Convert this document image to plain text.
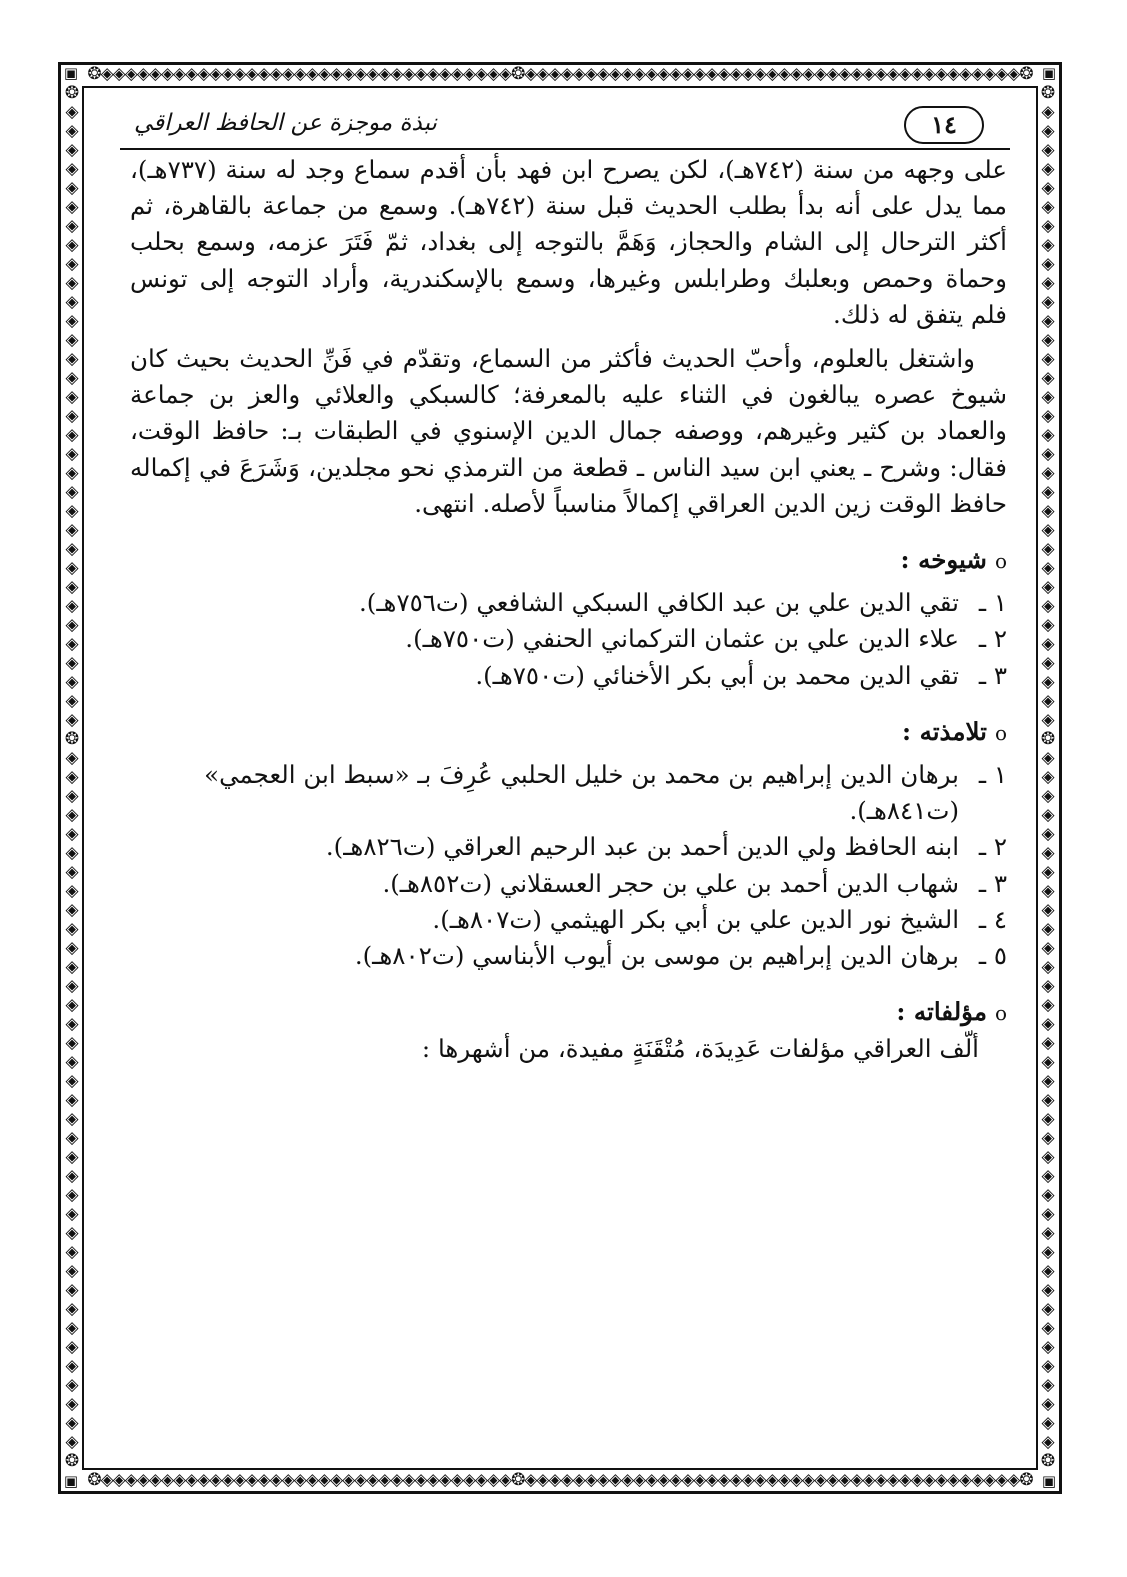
❂◈◈◈◈◈◈◈◈◈◈◈◈◈◈◈◈◈◈◈◈◈◈◈◈◈◈◈◈◈◈◈◈◈◈❂◈◈◈◈◈◈◈◈◈◈◈◈◈◈◈◈◈◈◈◈◈◈◈◈◈◈◈◈◈◈◈◈◈◈◈◈◈◈◈◈◈❂
❂◈◈◈◈◈◈◈◈◈◈◈◈◈◈◈◈◈◈◈◈◈◈◈◈◈◈◈◈◈◈◈◈◈◈❂◈◈◈◈◈◈◈◈◈◈◈◈◈◈◈◈◈◈◈◈◈◈◈◈◈◈◈◈◈◈◈◈◈◈◈◈◈◈◈◈◈❂
❂ ◈ ◈ ◈ ◈ ◈ ◈ ◈ ◈ ◈ ◈ ◈ ◈ ◈ ◈ ◈ ◈ ◈ ◈ ◈ ◈ ◈ ◈ ◈ ◈ ◈ ◈ ◈ ◈ ◈ ◈ ◈ ◈ ◈ ❂ ◈ ◈ ◈ ◈ ◈ ◈ ◈ ◈ ◈ ◈ ◈ ◈ ◈ ◈ ◈ ◈ ◈ ◈ ◈ ◈ ◈ ◈ ◈ ◈ ◈ ◈ ◈ ◈ ◈ ◈ ◈ ◈ ◈ ◈ ◈ ◈ ◈ ❂
❂ ◈ ◈ ◈ ◈ ◈ ◈ ◈ ◈ ◈ ◈ ◈ ◈ ◈ ◈ ◈ ◈ ◈ ◈ ◈ ◈ ◈ ◈ ◈ ◈ ◈ ◈ ◈ ◈ ◈ ◈ ◈ ◈ ◈ ❂ ◈ ◈ ◈ ◈ ◈ ◈ ◈ ◈ ◈ ◈ ◈ ◈ ◈ ◈ ◈ ◈ ◈ ◈ ◈ ◈ ◈ ◈ ◈ ◈ ◈ ◈ ◈ ◈ ◈ ◈ ◈ ◈ ◈ ◈ ◈ ◈ ◈ ❂
▣	▣
▣	▣
١٤
نبذة موجزة عن الحافظ العراقي

على وجهه من سنة (٧٤٢هـ)، لكن يصرح ابن فهد بأن أقدم سماع وجد له سنة (٧٣٧هـ)، مما يدل على أنه بدأ بطلب الحديث قبل سنة (٧٤٢هـ). وسمع من جماعة بالقاهرة، ثم أكثر الترحال إلى الشام والحجاز، وَهَمَّ بالتوجه إلى بغداد، ثمّ فَتَرَ عزمه، وسمع بحلب وحماة وحمص وبعلبك وطرابلس وغيرها، وسمع بالإسكندرية، وأراد التوجه إلى تونس فلم يتفق له ذلك.

واشتغل بالعلوم، وأحبّ الحديث فأكثر من السماع، وتقدّم في فَنِّ الحديث بحيث كان شيوخ عصره يبالغون في الثناء عليه بالمعرفة؛ كالسبكي والعلائي والعز بن جماعة والعماد بن كثير وغيرهم، ووصفه جمال الدين الإسنوي في الطبقات بـ: حافظ الوقت، فقال: وشرح ـ يعني ابن سيد الناس ـ قطعة من الترمذي نحو مجلدين، وَشَرَعَ في إكماله حافظ الوقت زين الدين العراقي إكمالاً مناسباً لأصله. انتهى.

oشيوخه :

١ ـ
تقي الدين علي بن عبد الكافي السبكي الشافعي (ت٧٥٦هـ).
٢ ـ
علاء الدين علي بن عثمان التركماني الحنفي (ت٧٥٠هـ).
٣ ـ
تقي الدين محمد بن أبي بكر الأخنائي (ت٧٥٠هـ).

oتلامذته :

١ ـ
برهان الدين إبراهيم بن محمد بن خليل الحلبي عُرِفَ بـ «سبط ابن العجمي» (ت٨٤١هـ).
٢ ـ
ابنه الحافظ ولي الدين أحمد بن عبد الرحيم العراقي (ت٨٢٦هـ).
٣ ـ
شهاب الدين أحمد بن علي بن حجر العسقلاني (ت٨٥٢هـ).
٤ ـ
الشيخ نور الدين علي بن أبي بكر الهيثمي (ت٨٠٧هـ).
٥ ـ
برهان الدين إبراهيم بن موسى بن أيوب الأبناسي (ت٨٠٢هـ).

oمؤلفاته :

ألّف العراقي مؤلفات عَدِيدَة، مُتْقَنَةٍ مفيدة، من أشهرها :
